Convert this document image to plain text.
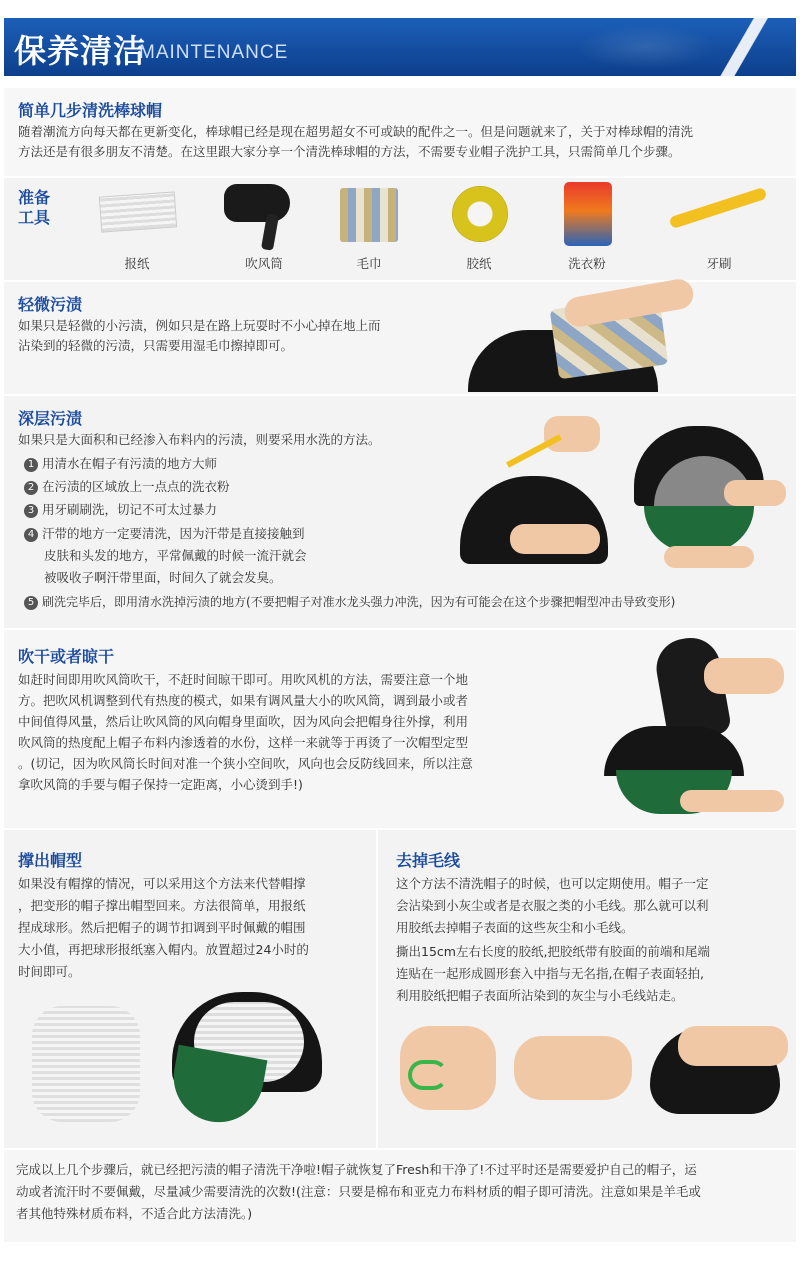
保养清洁
MAINTENANCE
简单几步清洗棒球帽
随着潮流方向每天都在更新变化，棒球帽已经是现在超男超女不可或缺的配件之一。但是问题就来了，关于对棒球帽的清洗
方法还是有很多朋友不清楚。在这里跟大家分享一个清洗棒球帽的方法，不需要专业帽子洗护工具，只需简单几个步骤。
准备
工具
报纸	吹风筒	毛巾	胶纸	洗衣粉	牙刷
轻微污渍
如果只是轻微的小污渍，例如只是在路上玩耍时不小心掉在地上而
沾染到的轻微的污渍，只需要用湿毛巾擦掉即可。
深层污渍
如果只是大面积和已经渗入布料内的污渍，则要采用水洗的方法。
1 用清水在帽子有污渍的地方大师
2 在污渍的区域放上一点点的洗衣粉
3 用牙刷刷洗，切记不可太过暴力
4 汗带的地方一定要清洗，因为汗带是直接接触到
皮肤和头发的地方，平常佩戴的时候一流汗就会
被吸收子啊汗带里面，时间久了就会发臭。
5 刷洗完毕后，即用清水洗掉污渍的地方(不要把帽子对准水龙头强力冲洗，因为有可能会在这个步骤把帽型冲击导致变形)
吹干或者晾干
如赶时间即用吹风筒吹干，不赶时间晾干即可。用吹风机的方法，需要注意一个地
方。把吹风机调整到代有热度的模式，如果有调风量大小的吹风筒，调到最小或者
中间值得风量，然后让吹风筒的风向帽身里面吹，因为风向会把帽身往外撑，利用
吹风筒的热度配上帽子布料内渗透着的水份，这样一来就等于再烫了一次帽型定型
。(切记，因为吹风筒长时间对准一个狭小空间吹，风向也会反防线回来，所以注意
拿吹风筒的手要与帽子保持一定距离，小心烫到手!)
撑出帽型
如果没有帽撑的情况，可以采用这个方法来代替帽撑
，把变形的帽子撑出帽型回来。方法很简单，用报纸
捏成球形。然后把帽子的调节扣调到平时佩戴的帽围
大小值，再把球形报纸塞入帽内。放置超过24小时的
时间即可。
去掉毛线
这个方法不清洗帽子的时候，也可以定期使用。帽子一定
会沾染到小灰尘或者是衣服之类的小毛线。那么就可以利
用胶纸去掉帽子表面的这些灰尘和小毛线。
撕出15cm左右长度的胶纸,把胶纸带有胶面的前端和尾端
连贴在一起形成圆形套入中指与无名指,在帽子表面轻拍,
利用胶纸把帽子表面所沾染到的灰尘与小毛线站走。
完成以上几个步骤后，就已经把污渍的帽子清洗干净啦!帽子就恢复了Fresh和干净了!不过平时还是需要爱护自己的帽子，运
动或者流汗时不要佩戴，尽量减少需要清洗的次数!(注意：只要是棉布和亚克力布料材质的帽子即可清洗。注意如果是羊毛或
者其他特殊材质布料，不适合此方法清洗。)
